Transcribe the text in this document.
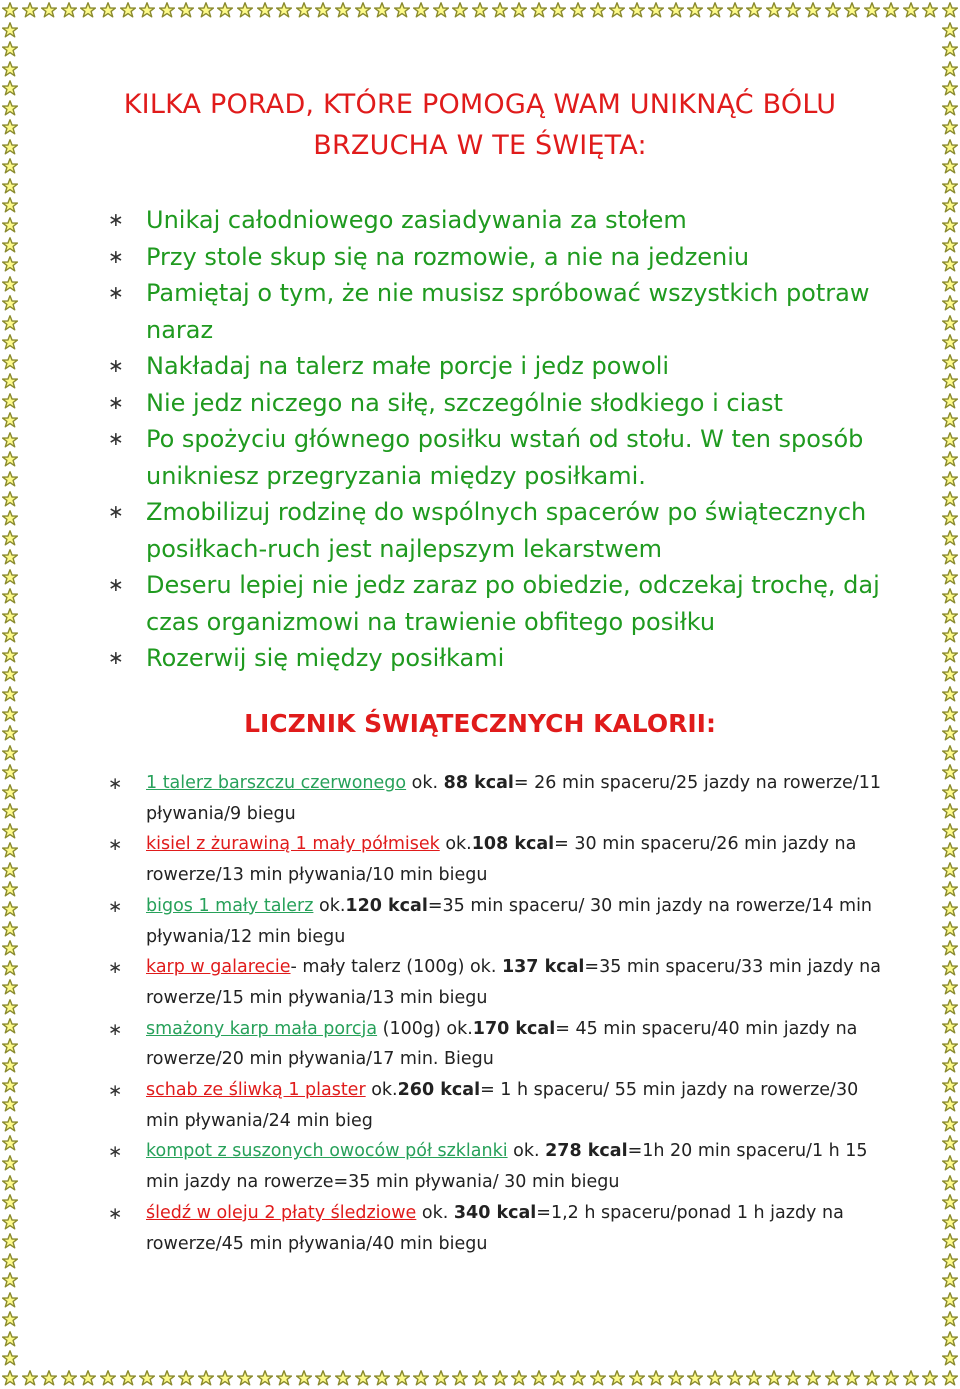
KILKA PORAD, KTÓRE POMOGĄ WAM UNIKNĄĆ BÓLU
BRZUCHA W TE ŚWIĘTA:
∗ Unikaj całodniowego zasiadywania za stołem
∗ Przy stole skup się na rozmowie, a nie na jedzeniu
∗ Pamiętaj o tym, że nie musisz spróbować wszystkich potraw naraz
∗ Nakładaj na talerz małe porcje i jedz powoli
∗ Nie jedz niczego na siłę, szczególnie słodkiego i ciast
∗ Po spożyciu głównego posiłku wstań od stołu. W ten sposób unikniesz przegryzania między posiłkami.
∗ Zmobilizuj rodzinę do wspólnych spacerów po świątecznych posiłkach-ruch jest najlepszym lekarstwem
∗ Deseru lepiej nie jedz zaraz po obiedzie, odczekaj trochę, daj czas organizmowi na trawienie obfitego posiłku
∗ Rozerwij się między posiłkami
LICZNIK ŚWIĄTECZNYCH KALORII:
∗	1 talerz barszczu czerwonego ok. 88 kcal= 26 min spaceru/25 jazdy na rowerze/11 pływania/9 biegu
∗	kisiel z żurawiną 1 mały półmisek ok.108 kcal= 30 min spaceru/26 min jazdy na rowerze/13 min pływania/10 min biegu
∗	bigos 1 mały talerz ok.120 kcal=35 min spaceru/ 30 min jazdy na rowerze/14 min pływania/12 min biegu
∗	karp w galarecie- mały talerz (100g) ok. 137 kcal=35 min spaceru/33 min jazdy na rowerze/15 min pływania/13 min biegu
∗	smażony karp mała porcja (100g) ok.170 kcal= 45 min spaceru/40 min jazdy na rowerze/20 min pływania/17 min. Biegu
∗	schab ze śliwką 1 plaster ok.260 kcal= 1 h spaceru/ 55 min jazdy na rowerze/30 min pływania/24 min bieg
∗	kompot z suszonych owoców pół szklanki ok. 278 kcal=1h 20 min spaceru/1 h 15 min jazdy na rowerze=35 min pływania/ 30 min biegu
∗	śledź w oleju 2 płaty śledziowe ok. 340 kcal=1,2 h spaceru/ponad 1 h jazdy na rowerze/45 min pływania/40 min biegu
